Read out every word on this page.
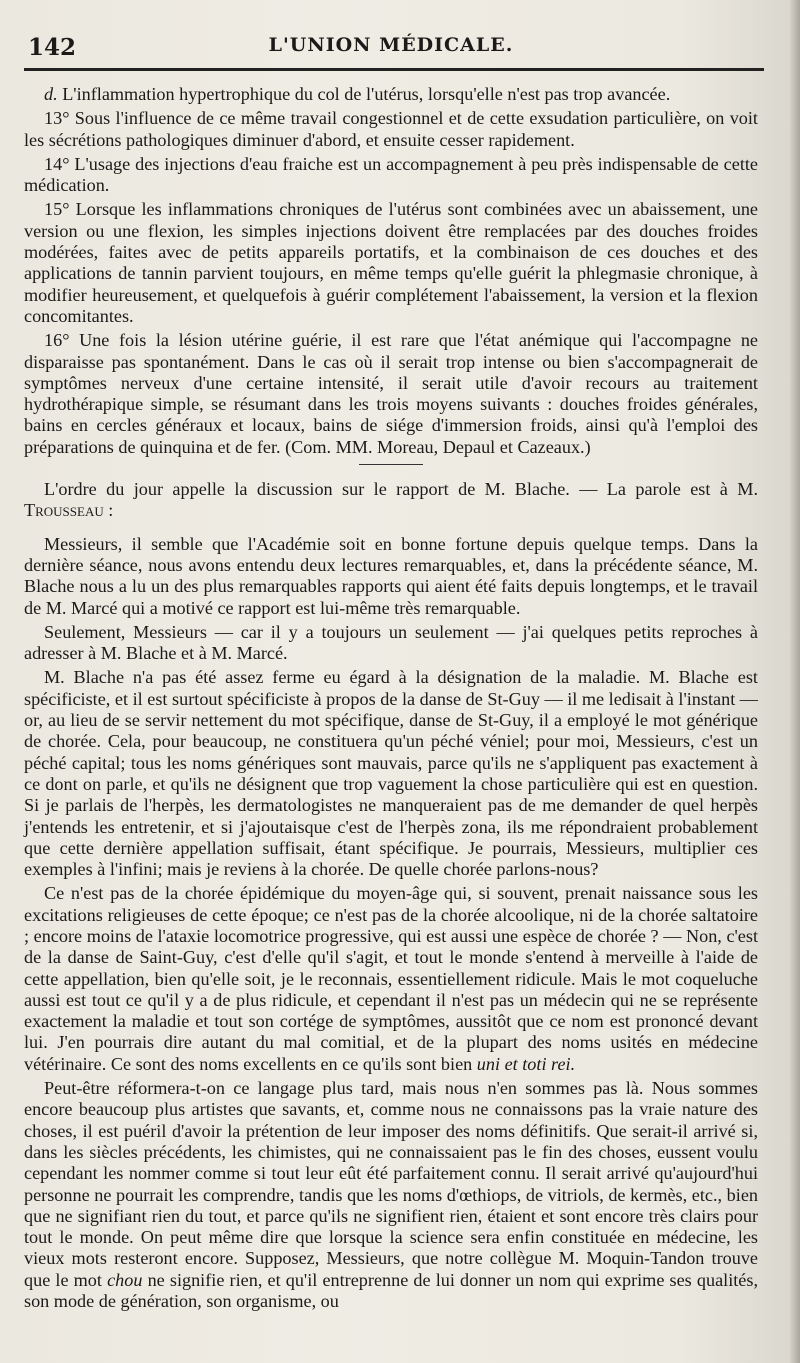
142	L'UNION MÉDICALE.

d. L'inflammation hypertrophique du col de l'utérus, lorsqu'elle n'est pas trop avancée.

13° Sous l'influence de ce même travail congestionnel et de cette exsudation particulière, on voit les sécrétions pathologiques diminuer d'abord, et ensuite cesser rapidement.

14° L'usage des injections d'eau fraiche est un accompagnement à peu près indispensable de cette médication.

15° Lorsque les inflammations chroniques de l'utérus sont combinées avec un abaissement, une version ou une flexion, les simples injections doivent être remplacées par des douches froides modérées, faites avec de petits appareils portatifs, et la combinaison de ces douches et des applications de tannin parvient toujours, en même temps qu'elle guérit la phlegmasie chronique, à modifier heureusement, et quelquefois à guérir complétement l'abaissement, la version et la flexion concomitantes.

16° Une fois la lésion utérine guérie, il est rare que l'état anémique qui l'accompagne ne disparaisse pas spontanément. Dans le cas où il serait trop intense ou bien s'accompagnerait de symptômes nerveux d'une certaine intensité, il serait utile d'avoir recours au traitement hydrothérapique simple, se résumant dans les trois moyens suivants : douches froides générales, bains en cercles généraux et locaux, bains de siége d'immersion froids, ainsi qu'à l'emploi des préparations de quinquina et de fer. (Com. MM. Moreau, Depaul et Cazeaux.)

L'ordre du jour appelle la discussion sur le rapport de M. Blache. — La parole est à M. Trousseau :

Messieurs, il semble que l'Académie soit en bonne fortune depuis quelque temps. Dans la dernière séance, nous avons entendu deux lectures remarquables, et, dans la précédente séance, M. Blache nous a lu un des plus remarquables rapports qui aient été faits depuis longtemps, et le travail de M. Marcé qui a motivé ce rapport est lui-même très remarquable.

Seulement, Messieurs — car il y a toujours un seulement — j'ai quelques petits reproches à adresser à M. Blache et à M. Marcé.

M. Blache n'a pas été assez ferme eu égard à la désignation de la maladie. M. Blache est spécificiste, et il est surtout spécificiste à propos de la danse de St-Guy — il me ledisait à l'instant — or, au lieu de se servir nettement du mot spécifique, danse de St-Guy, il a employé le mot générique de chorée. Cela, pour beaucoup, ne constituera qu'un péché véniel; pour moi, Messieurs, c'est un péché capital; tous les noms génériques sont mauvais, parce qu'ils ne s'appliquent pas exactement à ce dont on parle, et qu'ils ne désignent que trop vaguement la chose particulière qui est en question. Si je parlais de l'herpès, les dermatologistes ne manqueraient pas de me demander de quel herpès j'entends les entretenir, et si j'ajoutaisque c'est de l'herpès zona, ils me répondraient probablement que cette dernière appellation suffisait, étant spécifique. Je pourrais, Messieurs, multiplier ces exemples à l'infini; mais je reviens à la chorée. De quelle chorée parlons-nous?

Ce n'est pas de la chorée épidémique du moyen-âge qui, si souvent, prenait naissance sous les excitations religieuses de cette époque; ce n'est pas de la chorée alcoolique, ni de la chorée saltatoire ; encore moins de l'ataxie locomotrice progressive, qui est aussi une espèce de chorée ? — Non, c'est de la danse de Saint-Guy, c'est d'elle qu'il s'agit, et tout le monde s'entend à merveille à l'aide de cette appellation, bien qu'elle soit, je le reconnais, essentiellement ridicule. Mais le mot coqueluche aussi est tout ce qu'il y a de plus ridicule, et cependant il n'est pas un médecin qui ne se représente exactement la maladie et tout son cortége de symptômes, aussitôt que ce nom est prononcé devant lui. J'en pourrais dire autant du mal comitial, et de la plupart des noms usités en médecine vétérinaire. Ce sont des noms excellents en ce qu'ils sont bien uni et toti rei.

Peut-être réformera-t-on ce langage plus tard, mais nous n'en sommes pas là. Nous sommes encore beaucoup plus artistes que savants, et, comme nous ne connaissons pas la vraie nature des choses, il est puéril d'avoir la prétention de leur imposer des noms définitifs. Que serait-il arrivé si, dans les siècles précédents, les chimistes, qui ne connaissaient pas le fin des choses, eussent voulu cependant les nommer comme si tout leur eût été parfaitement connu. Il serait arrivé qu'aujourd'hui personne ne pourrait les comprendre, tandis que les noms d'œthiops, de vitriols, de kermès, etc., bien que ne signifiant rien du tout, et parce qu'ils ne signifient rien, étaient et sont encore très clairs pour tout le monde. On peut même dire que lorsque la science sera enfin constituée en médecine, les vieux mots resteront encore. Supposez, Messieurs, que notre collègue M. Moquin-Tandon trouve que le mot chou ne signifie rien, et qu'il entreprenne de lui donner un nom qui exprime ses qualités, son mode de génération, son organisme, ou
